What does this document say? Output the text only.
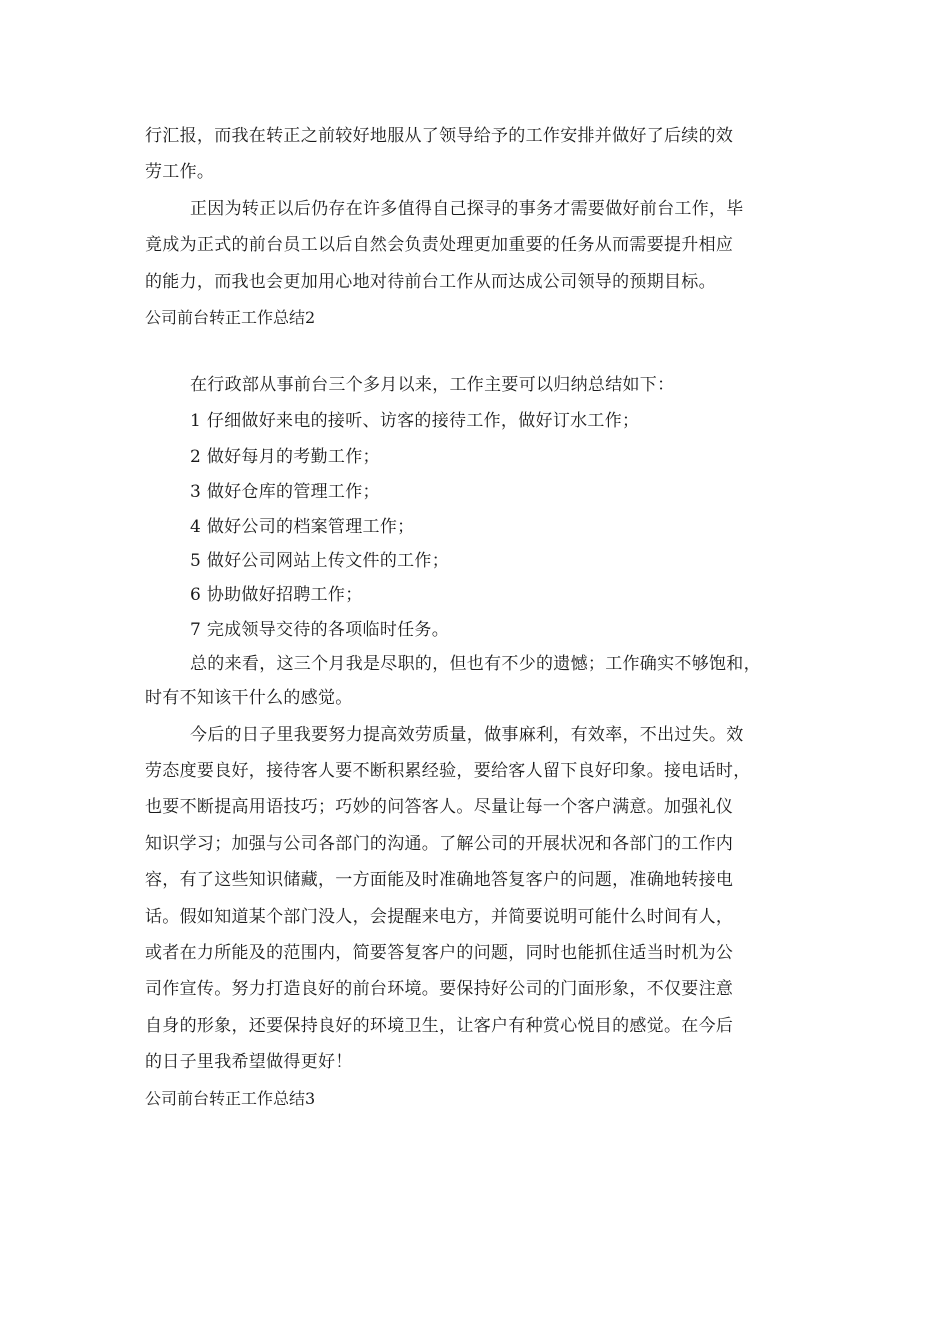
行汇报，而我在转正之前较好地服从了领导给予的工作安排并做好了后续的效
劳工作。
正因为转正以后仍存在许多值得自己探寻的事务才需要做好前台工作，毕
竟成为正式的前台员工以后自然会负责处理更加重要的任务从而需要提升相应
的能力，而我也会更加用心地对待前台工作从而达成公司领导的预期目标。
公司前台转正工作总结2
在行政部从事前台三个多月以来，工作主要可以归纳总结如下：
1 仔细做好来电的接听、访客的接待工作，做好订水工作；
2 做好每月的考勤工作；
3 做好仓库的管理工作；
4 做好公司的档案管理工作；
5 做好公司网站上传文件的工作；
6 协助做好招聘工作；
7 完成领导交待的各项临时任务。
总的来看，这三个月我是尽职的，但也有不少的遗憾；工作确实不够饱和，
时有不知该干什么的感觉。
今后的日子里我要努力提高效劳质量，做事麻利，有效率，不出过失。效
劳态度要良好，接待客人要不断积累经验，要给客人留下良好印象。接电话时，
也要不断提高用语技巧；巧妙的问答客人。尽量让每一个客户满意。加强礼仪
知识学习；加强与公司各部门的沟通。了解公司的开展状况和各部门的工作内
容，有了这些知识储藏，一方面能及时准确地答复客户的问题，准确地转接电
话。假如知道某个部门没人，会提醒来电方，并简要说明可能什么时间有人，
或者在力所能及的范围内，简要答复客户的问题，同时也能抓住适当时机为公
司作宣传。努力打造良好的前台环境。要保持好公司的门面形象，不仅要注意
自身的形象，还要保持良好的环境卫生，让客户有种赏心悦目的感觉。在今后
的日子里我希望做得更好！
公司前台转正工作总结3
